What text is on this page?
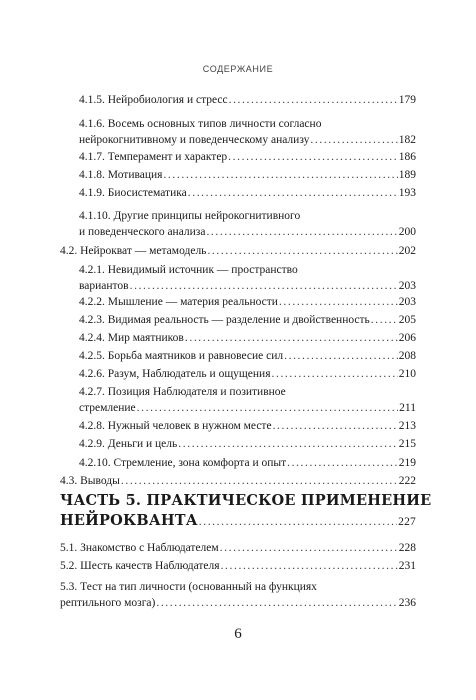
СОДЕРЖАНИЕ
4.1.5. Нейробиология и стресс .....	179
4.1.6. Восемь основных типов личности согласно
нейрокогнитивному и поведенческому анализу .....	182
4.1.7. Темперамент и характер .....	186
4.1.8. Мотивация .....	189
4.1.9. Биосистематика .....	193
4.1.10. Другие принципы нейрокогнитивного
и поведенческого анализа .....	200
4.2. Нейрокват — метамодель .....	202
4.2.1. Невидимый источник — пространство
вариантов .....	203
4.2.2. Мышление — материя реальности .....	203
4.2.3. Видимая реальность — разделение и двойственность .....	205
4.2.4. Мир маятников .....	206
4.2.5. Борьба маятников и равновесие сил .....	208
4.2.6. Разум, Наблюдатель и ощущения .....	210
4.2.7. Позиция Наблюдателя и позитивное
стремление .....	211
4.2.8. Нужный человек в нужном месте .....	213
4.2.9. Деньги и цель .....	215
4.2.10. Стремление, зона комфорта и опыт .....	219
4.3. Выводы .....	222
ЧАСТЬ 5. ПРАКТИЧЕСКОЕ ПРИМЕНЕНИЕ
НЕЙРОКВАНТА .....	227
5.1. Знакомство с Наблюдателем .....	228
5.2. Шесть качеств Наблюдателя .....	231
5.3. Тест на тип личности (основанный на функциях
рептильного мозга) .....	236
6
